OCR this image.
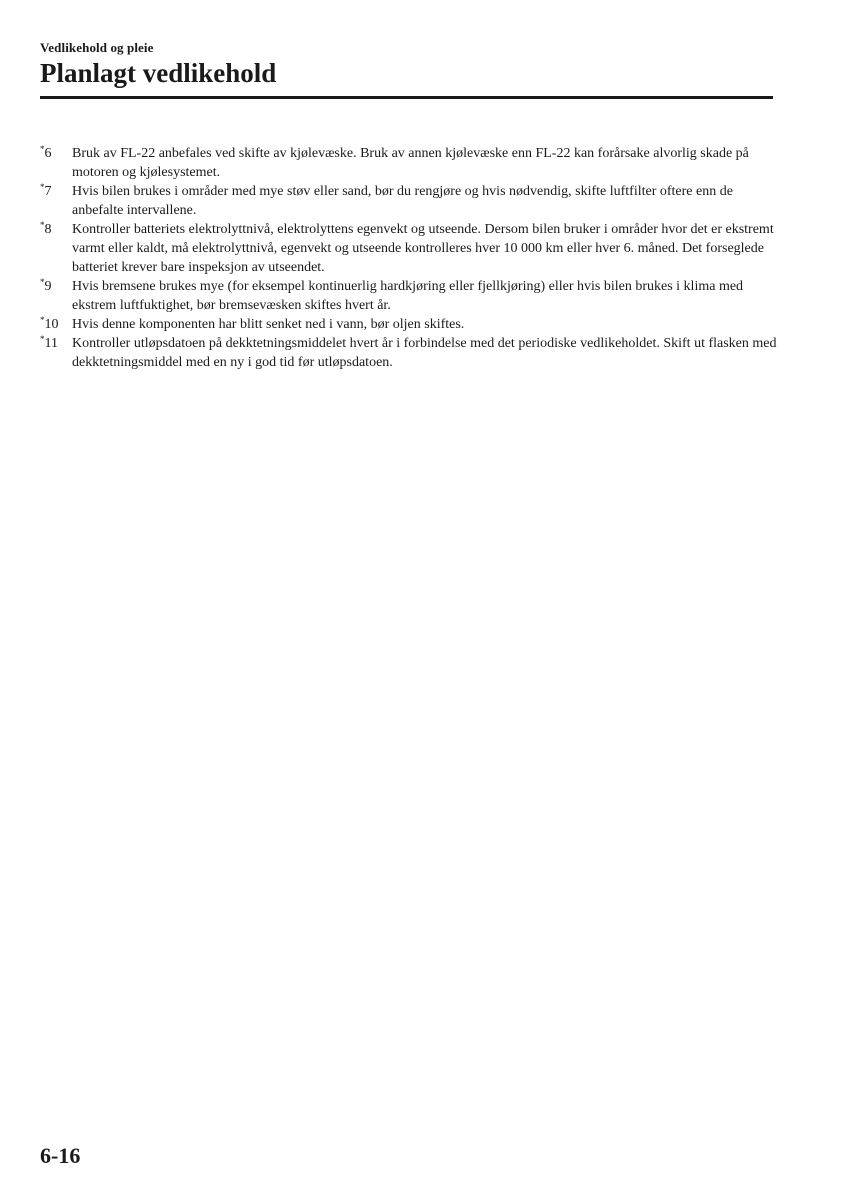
Vedlikehold og pleie
Planlagt vedlikehold
*6	Bruk av FL-22 anbefales ved skifte av kjølevæske. Bruk av annen kjølevæske enn FL-22 kan forårsake alvorlig skade på motoren og kjølesystemet.
*7	Hvis bilen brukes i områder med mye støv eller sand, bør du rengjøre og hvis nødvendig, skifte luftfilter oftere enn de anbefalte intervallene.
*8	Kontroller batteriets elektrolyttnivå, elektrolyttens egenvekt og utseende. Dersom bilen bruker i områder hvor det er ekstremt varmt eller kaldt, må elektrolyttnivå, egenvekt og utseende kontrolleres hver 10 000 km eller hver 6. måned. Det forseglede batteriet krever bare inspeksjon av utseendet.
*9	Hvis bremsene brukes mye (for eksempel kontinuerlig hardkjøring eller fjellkjøring) eller hvis bilen brukes i klima med ekstrem luftfuktighet, bør bremsevæsken skiftes hvert år.
*10 Hvis denne komponenten har blitt senket ned i vann, bør oljen skiftes.
*11	Kontroller utløpsdatoen på dekktetningsmiddelet hvert år i forbindelse med det periodiske vedlikeholdet. Skift ut flasken med dekktetningsmiddel med en ny i god tid før utløpsdatoen.
6-16
